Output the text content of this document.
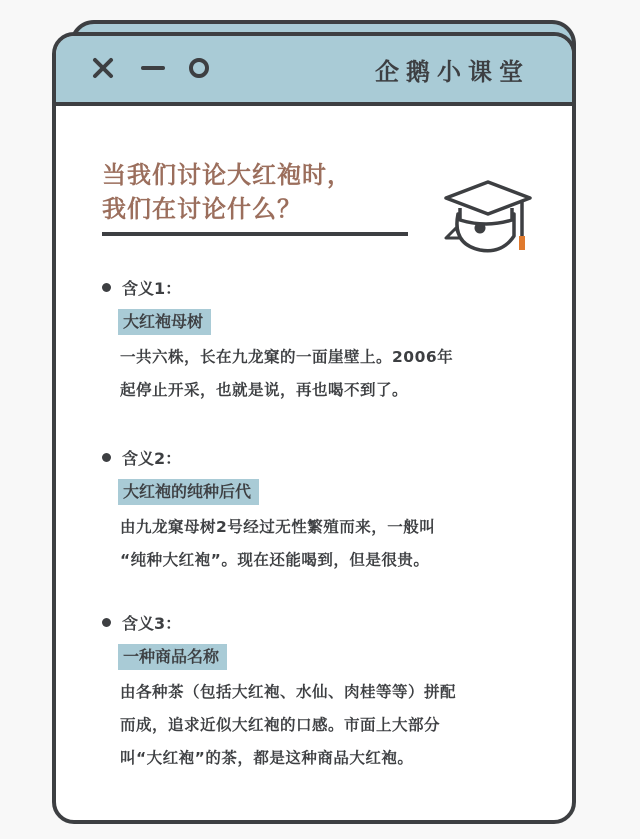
企鹅小课堂
当我们讨论大红袍时，
我们在讨论什么？
含义1：
大红袍母树
一共六株，长在九龙窠的一面崖壁上。2006年
起停止开采，也就是说，再也喝不到了。
含义2：
大红袍的纯种后代
由九龙窠母树2号经过无性繁殖而来，一般叫
“纯种大红袍”。现在还能喝到，但是很贵。
含义3：
一种商品名称
由各种茶（包括大红袍、水仙、肉桂等等）拼配
而成，追求近似大红袍的口感。市面上大部分
叫“大红袍”的茶，都是这种商品大红袍。
